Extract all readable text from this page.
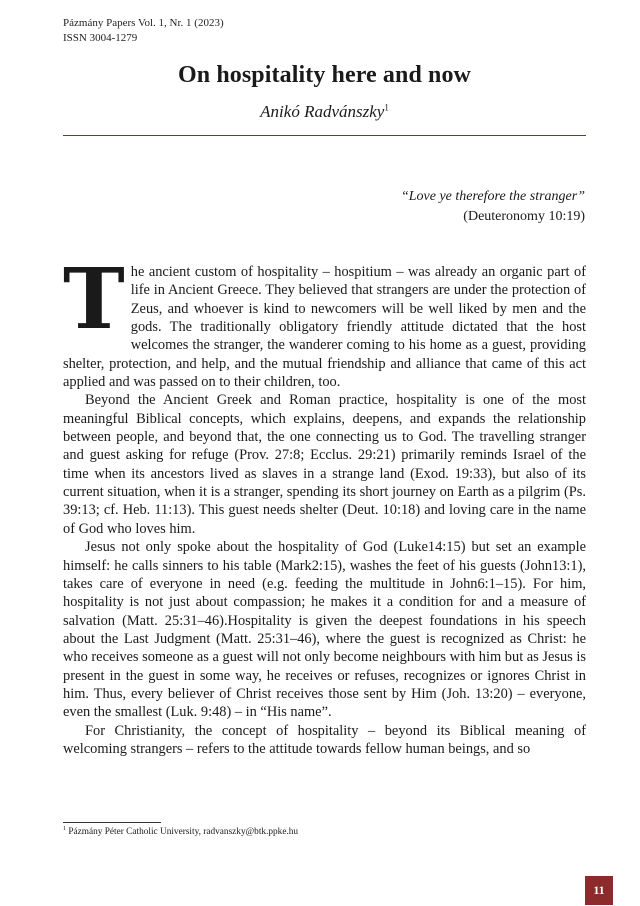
Pázmány Papers Vol. 1, Nr. 1 (2023)
ISSN 3004-1279
On hospitality here and now
Anikó Radvánszky$^1$
“Love ye therefore the stranger”
(Deuteronomy 10:19)

The ancient custom of hospitality – hospitium – was already an organic part of life in Ancient Greece. They believed that strangers are under the protection of Zeus, and whoever is kind to newcomers will be well liked by men and the gods. The traditionally obligatory friendly attitude dictated that the host welcomes the stranger, the wanderer coming to his home as a guest, providing shelter, protection, and help, and the mutual friendship and alliance that came of this act applied and was passed on to their children, too.

Beyond the Ancient Greek and Roman practice, hospitality is one of the most meaningful Biblical concepts, which explains, deepens, and expands the relationship between people, and beyond that, the one connecting us to God. The travelling stranger and guest asking for refuge (Prov. 27:8; Ecclus. 29:21) primarily reminds Israel of the time when its ancestors lived as slaves in a strange land (Exod. 19:33), but also of its current situation, when it is a stranger, spending its short journey on Earth as a pilgrim (Ps. 39:13; cf. Heb. 11:13). This guest needs shelter (Deut. 10:18) and loving care in the name of God who loves him.

Jesus not only spoke about the hospitality of God (Luke14:15) but set an example himself: he calls sinners to his table (Mark2:15), washes the feet of his guests (John13:1), takes care of everyone in need (e.g. feeding the multitude in John6:1–15). For him, hospitality is not just about compassion; he makes it a condition for and a measure of salvation (Matt. 25:31–46).Hospitality is given the deepest foundations in his speech about the Last Judgment (Matt. 25:31–46), where the guest is recognized as Christ: he who receives someone as a guest will not only become neighbours with him but as Jesus is present in the guest in some way, he receives or refuses, recognizes or ignores Christ in him. Thus, every believer of Christ receives those sent by Him (Joh. 13:20) – everyone, even the smallest (Luk. 9:48) – in “His name”.

For Christianity, the concept of hospitality – beyond its Biblical meaning of welcoming strangers – refers to the attitude towards fellow human beings, and so

$^1$ Pázmány Péter Catholic University, radvanszky@btk.ppke.hu
11
